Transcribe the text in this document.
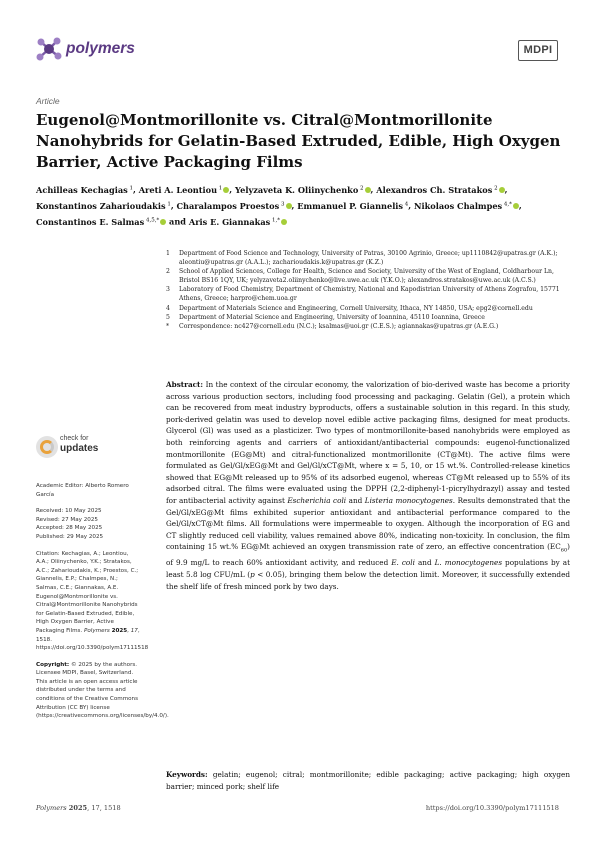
polymers	MDPI
Article
Eugenol@Montmorillonite vs. Citral@Montmorillonite Nanohybrids for Gelatin-Based Extruded, Edible, High Oxygen Barrier, Active Packaging Films
Achilleas Kechagias $^1$, Areti A. Leontiou $^1$ , Yelyzaveta K. Oliinychenko $^2$ , Alexandros Ch. Stratakos $^2$ , Konstantinos Zaharioudakis $^1$, Charalampos Proestos $^3$ , Emmanuel P. Giannelis $^4$, Nikolaos Chalmpes $^{4,*}$ , Constantinos E. Salmas $^{4,5,*}$ and Aris E. Giannakas $^{1,*}$
1	Department of Food Science and Technology, University of Patras, 30100 Agrinio, Greece; up1110842@upatras.gr (A.K.); aleontiu@upatras.gr (A.A.L.); zacharioudakis.k@upatras.gr (K.Z.)
2	School of Applied Sciences, College for Health, Science and Society, University of the West of England, Coldharbour Ln, Bristol BS16 1QY, UK; yelyzaveta2.oliinychenko@live.uwe.ac.uk (Y.K.O.); alexandros.stratakos@uwe.ac.uk (A.C.S.)
3	Laboratory of Food Chemistry, Department of Chemistry, National and Kapodistrian University of Athens Zografou, 15771 Athens, Greece; harpro@chem.uoa.gr
4	Department of Materials Science and Engineering, Cornell University, Ithaca, NY 14850, USA; epg2@cornell.edu
5	Department of Material Science and Engineering, University of Ioannina, 45110 Ioannina, Greece
*	Correspondence: nc427@cornell.edu (N.C.); ksalmas@uoi.gr (C.E.S.); agiannakas@upatras.gr (A.E.G.)
check for
updates
Academic Editor: Alberto Romero García
Received: 10 May 2025
Revised: 27 May 2025
Accepted: 28 May 2025
Published: 29 May 2025
Citation: Kechagias, A.; Leontiou, A.A.; Oliinychenko, Y.K.; Stratakos, A.C.; Zaharioudakis, K.; Proestos, C.; Giannelis, E.P.; Chalmpes, N.; Salmas, C.E.; Giannakas, A.E. Eugenol@Montmorillonite vs. Citral@Montmorillonite Nanohybrids for Gelatin-Based Extruded, Edible, High Oxygen Barrier, Active Packaging Films. Polymers 2025, 17, 1518. https://doi.org/10.3390/polym17111518
Copyright: © 2025 by the authors. Licensee MDPI, Basel, Switzerland. This article is an open access article distributed under the terms and conditions of the Creative Commons Attribution (CC BY) license (https://creativecommons.org/licenses/by/4.0/).
Abstract: In the context of the circular economy, the valorization of bio-derived waste has become a priority across various production sectors, including food processing and packaging. Gelatin (Gel), a protein which can be recovered from meat industry byproducts, offers a sustainable solution in this regard. In this study, pork-derived gelatin was used to develop novel edible active packaging films, designed for meat products. Glycerol (Gl) was used as a plasticizer. Two types of montmorillonite-based nanohybrids were employed as both reinforcing agents and carriers of antioxidant/antibacterial compounds: eugenol-functionalized montmorillonite (EG@Mt) and citral-functionalized montmorillonite (CT@Mt). The active films were formulated as Gel/Gl/xEG@Mt and Gel/Gl/xCT@Mt, where x = 5, 10, or 15 wt.%. Controlled-release kinetics showed that EG@Mt released up to 95% of its adsorbed eugenol, whereas CT@Mt released up to 55% of its adsorbed citral. The films were evaluated using the DPPH (2,2-diphenyl-1-picrylhydrazyl) assay and tested for antibacterial activity against Escherichia coli and Listeria monocytogenes. Results demonstrated that the Gel/Gl/xEG@Mt films exhibited superior antioxidant and antibacterial performance compared to the Gel/Gl/xCT@Mt films. All formulations were impermeable to oxygen. Although the incorporation of EG and CT slightly reduced cell viability, values remained above 80%, indicating non-toxicity. In conclusion, the film containing 15 wt.% EG@Mt achieved an oxygen transmission rate of zero, an effective concentration $(EC_{60})$ of 9.9 mg/L to reach 60% antioxidant activity, and reduced E. coli and L. monocytogenes populations by at least 5.8 log CFU/mL (p < 0.05), bringing them below the detection limit. Moreover, it successfully extended the shelf life of fresh minced pork by two days.
Keywords: gelatin; eugenol; citral; montmorillonite; edible packaging; active packaging; high oxygen barrier; minced pork; shelf life
Polymers 2025, 17, 1518	https://doi.org/10.3390/polym17111518
